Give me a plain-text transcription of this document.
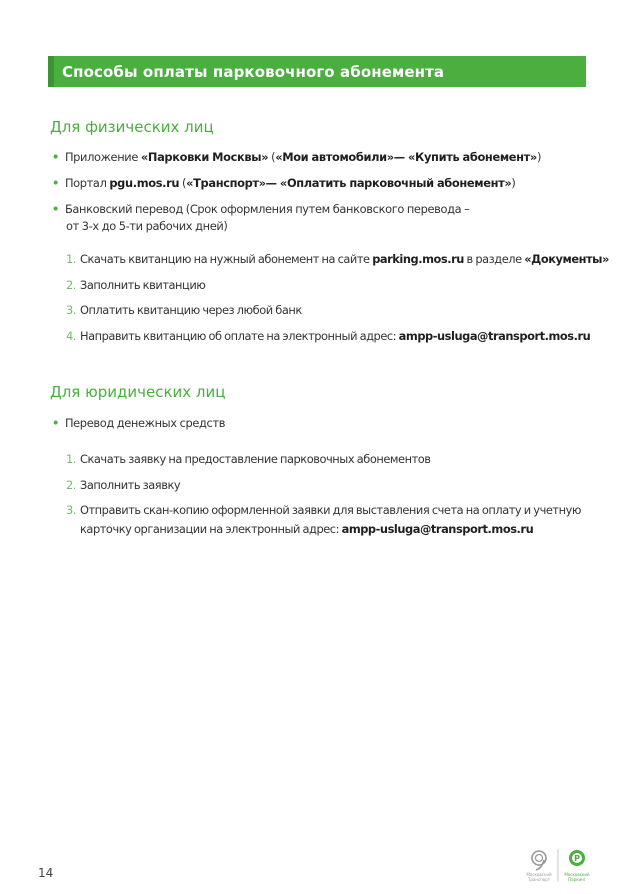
Способы оплаты парковочного абонемента
Для физических лиц
• Приложение «Парковки Москвы» («Мои автомобили»— «Купить абонемент»)
• Портал pgu.mos.ru («Транспорт»— «Оплатить парковочный абонемент»)
• Банковский перевод (Срок оформления путем банковского перевода –
от 3-х до 5-ти рабочих дней)
1. Скачать квитанцию на нужный абонемент на сайте parking.mos.ru в разделе «Документы»
2. Заполнить квитанцию
3. Оплатить квитанцию через любой банк
4. Направить квитанцию об оплате на электронный адрес: ampp-usluga@transport.mos.ru
Для юридических лиц
• Перевод денежных средств
1. Скачать заявку на предоставление парковочных абонементов
2. Заполнить заявку
3. Отправить скан-копию оформленной заявки для выставления счета на оплату и учетную
карточку организации на электронный адрес: ampp-usluga@transport.mos.ru
14	Московский
Транспорт
P
Московский
Паркинг
